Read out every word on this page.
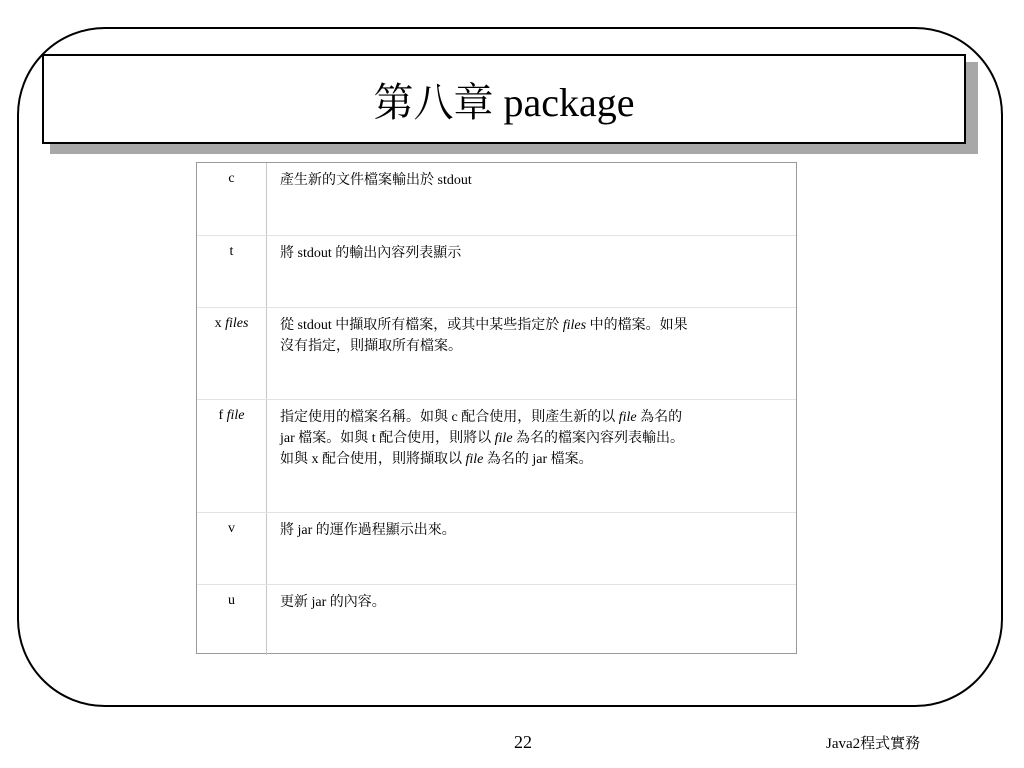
第八章 package
c	產生新的文件檔案輸出於 stdout
t	將 stdout 的輸出內容列表顯示
x files	從 stdout 中擷取所有檔案，或其中某些指定於 files 中的檔案。如果
沒有指定，則擷取所有檔案。
f file	指定使用的檔案名稱。如與 c 配合使用，則產生新的以 file 為名的
jar 檔案。如與 t 配合使用，則將以 file 為名的檔案內容列表輸出。
如與 x 配合使用，則將擷取以 file 為名的 jar 檔案。
v	將 jar 的運作過程顯示出來。
u	更新 jar 的內容。
22	Java2程式實務
